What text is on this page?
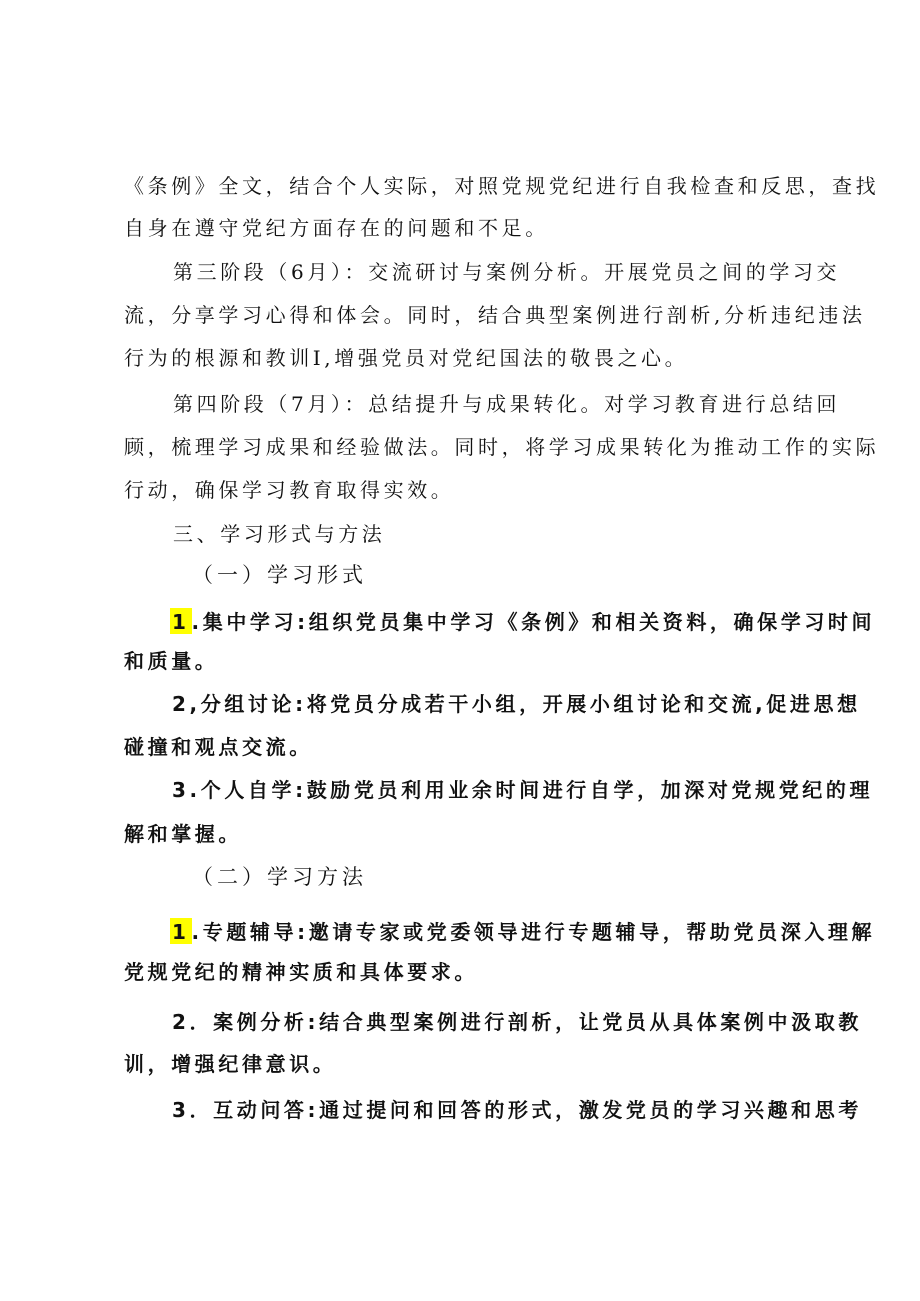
《条例》全文，结合个人实际，对照党规党纪进行自我检查和反思，查找
自身在遵守党纪方面存在的问题和不足。
第三阶段（6月）：交流研讨与案例分析。开展党员之间的学习交
流，分享学习心得和体会。同时，结合典型案例进行剖析,分析违纪违法
行为的根源和教训I,增强党员对党纪国法的敬畏之心。
第四阶段（7月）：总结提升与成果转化。对学习教育进行总结回
顾，梳理学习成果和经验做法。同时，将学习成果转化为推动工作的实际
行动，确保学习教育取得实效。
三、学习形式与方法
（一）学习形式
1 .集中学习:组织党员集中学习《条例》和相关资料，确保学习时间
和质量。
2,分组讨论:将党员分成若干小组，开展小组讨论和交流,促进思想
碰撞和观点交流。
3.个人自学:鼓励党员利用业余时间进行自学，加深对党规党纪的理
解和掌握。
（二）学习方法
1 .专题辅导:邀请专家或党委领导进行专题辅导，帮助党员深入理解
党规党纪的精神实质和具体要求。
2．案例分析:结合典型案例进行剖析，让党员从具体案例中汲取教
训，增强纪律意识。
3．互动问答:通过提问和回答的形式，激发党员的学习兴趣和思考
